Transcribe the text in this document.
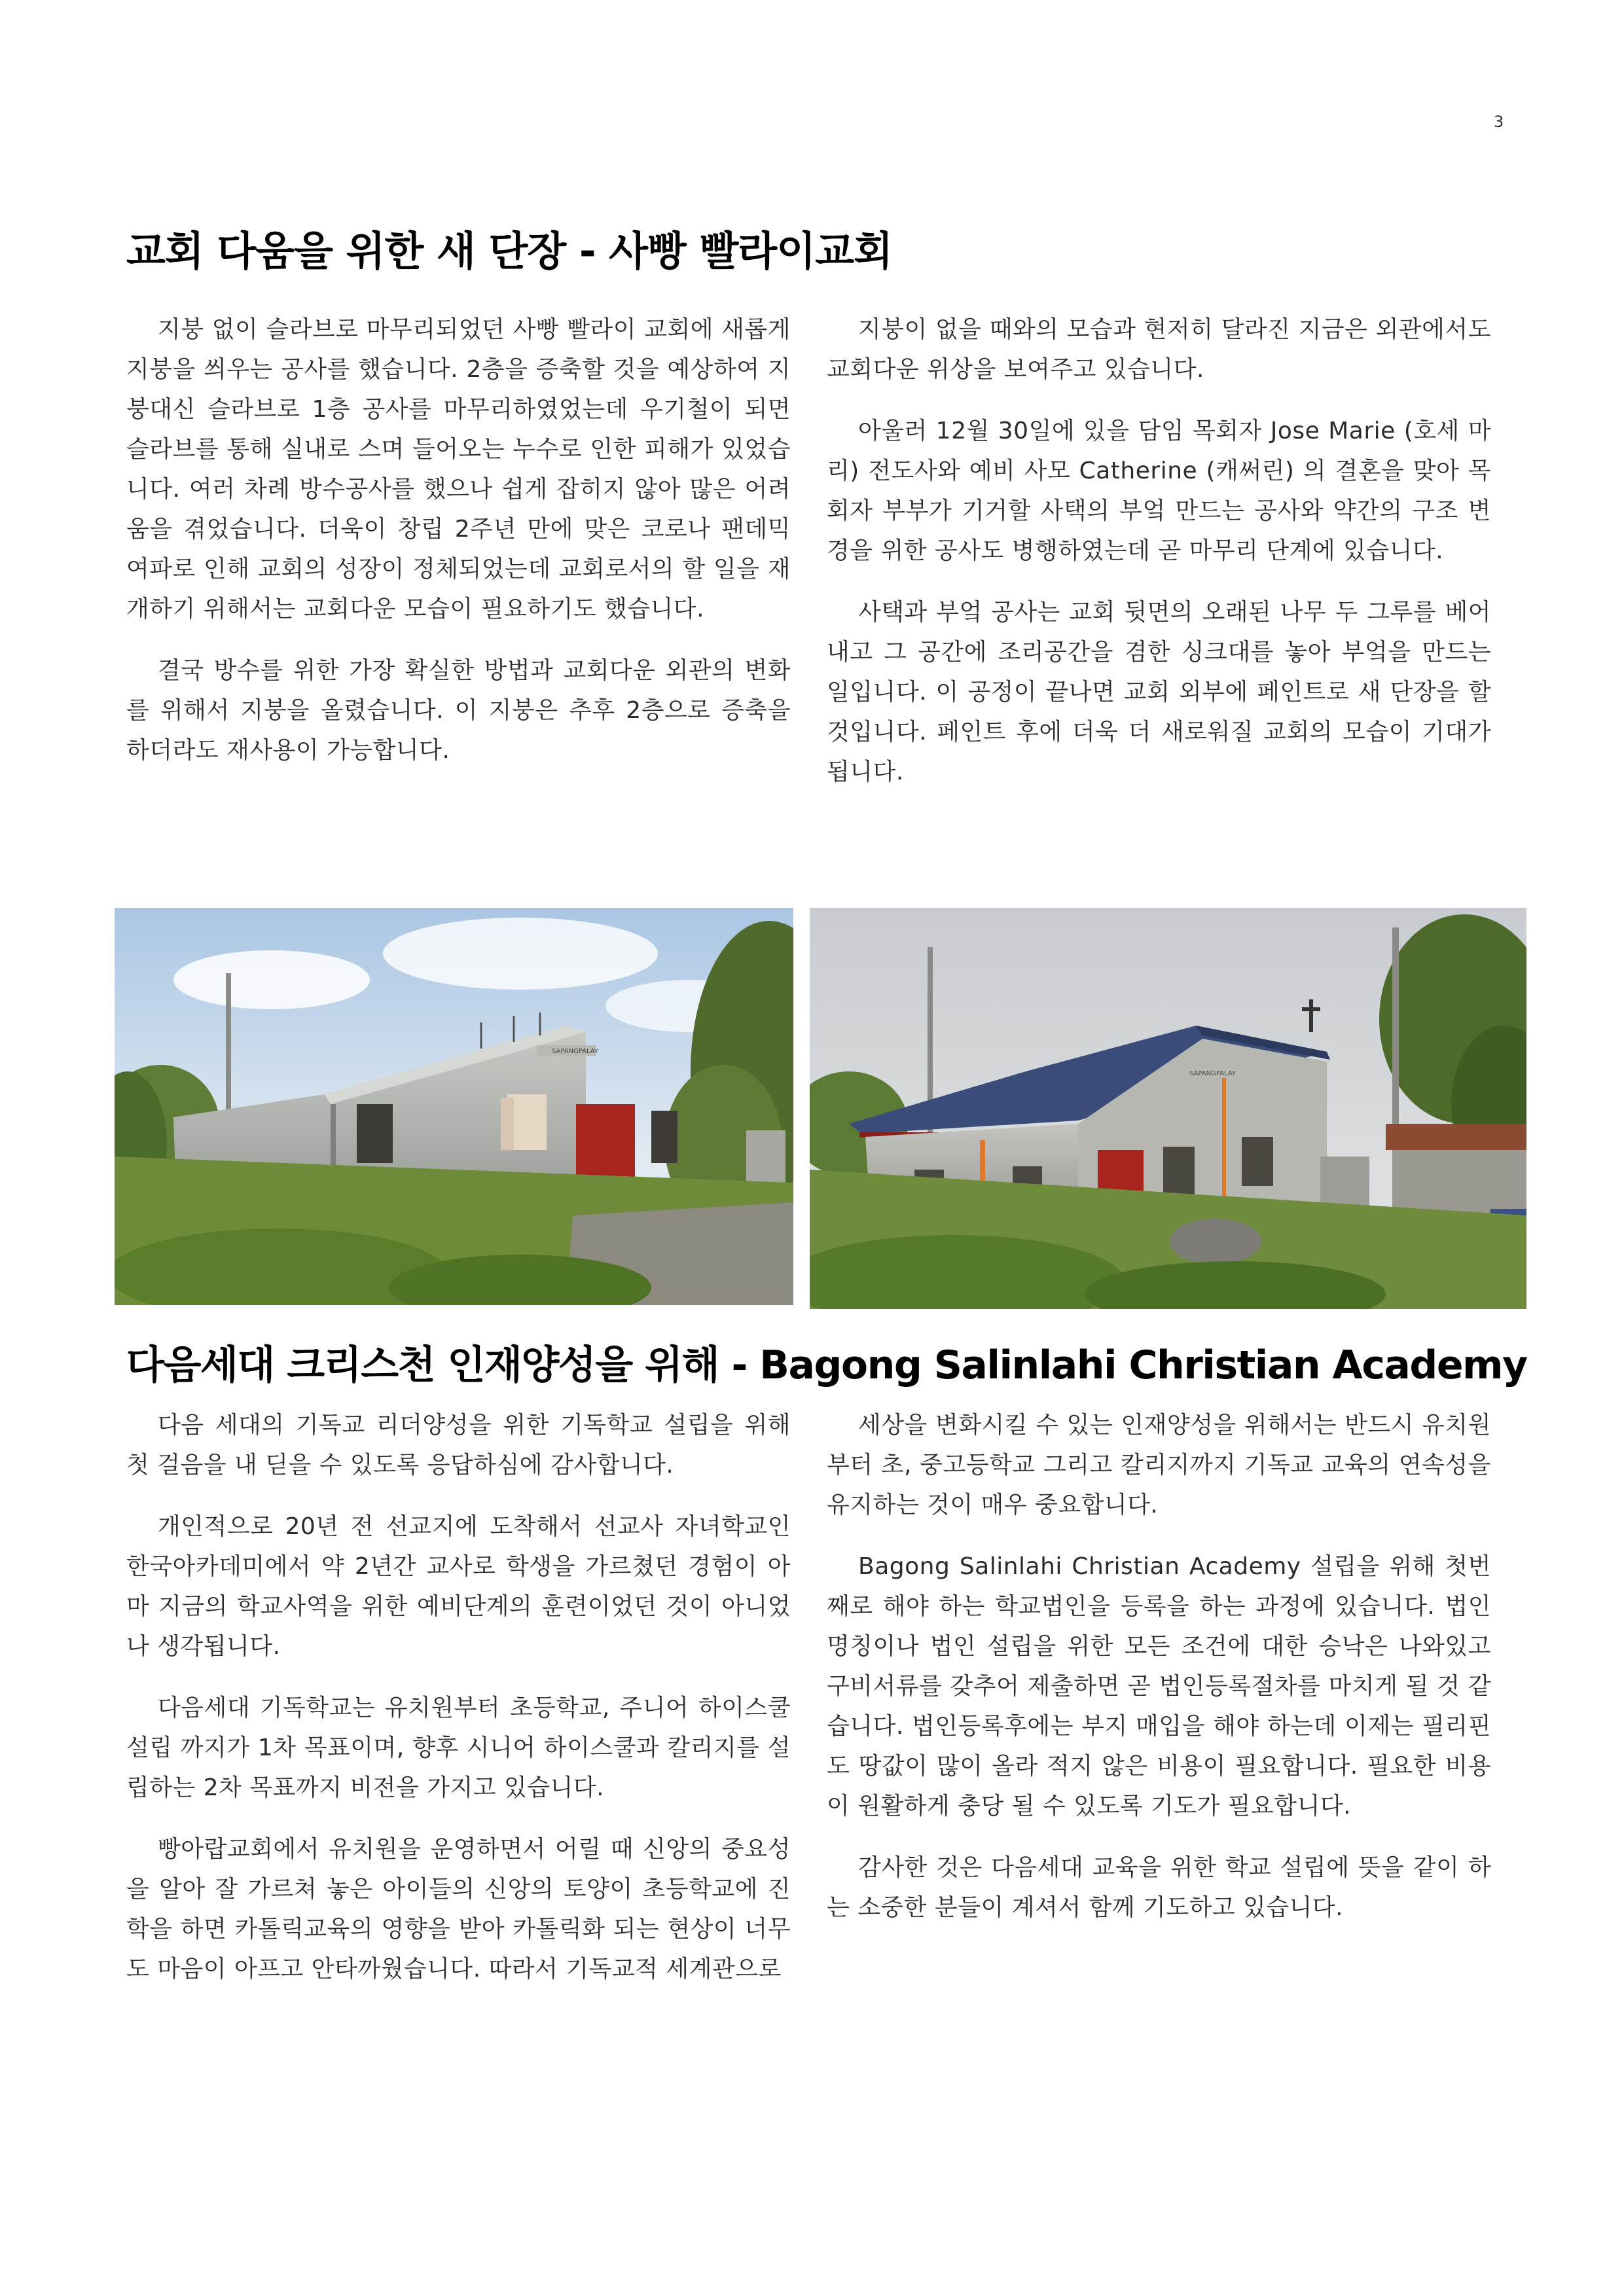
3
교회 다움을 위한 새 단장 - 사빵 빨라이교회

지붕 없이 슬라브로 마무리되었던 사빵 빨라이 교회에 새롭게 지붕을 씌우는 공사를 했습니다. 2층을 증축할 것을 예상하여 지붕대신 슬라브로 1층 공사를 마무리하였었는데 우기철이 되면 슬라브를 통해 실내로 스며 들어오는 누수로 인한 피해가 있었습니다. 여러 차례 방수공사를 했으나 쉽게 잡히지 않아 많은 어려움을 겪었습니다. 더욱이 창립 2주년 만에 맞은 코로나 팬데믹 여파로 인해 교회의 성장이 정체되었는데 교회로서의 할 일을 재개하기 위해서는 교회다운 모습이 필요하기도 했습니다.

결국 방수를 위한 가장 확실한 방법과 교회다운 외관의 변화를 위해서 지붕을 올렸습니다. 이 지붕은 추후 2층으로 증축을 하더라도 재사용이 가능합니다.

지붕이 없을 때와의 모습과 현저히 달라진 지금은 외관에서도 교회다운 위상을 보여주고 있습니다.

아울러 12월 30일에 있을 담임 목회자 Jose Marie (호세 마리) 전도사와 예비 사모 Catherine (캐써린) 의 결혼을 맞아 목회자 부부가 기거할 사택의 부엌 만드는 공사와 약간의 구조 변경을 위한 공사도 병행하였는데 곧 마무리 단계에 있습니다.

사택과 부엌 공사는 교회 뒷면의 오래된 나무 두 그루를 베어내고 그 공간에 조리공간을 겸한 싱크대를 놓아 부엌을 만드는 일입니다. 이 공정이 끝나면 교회 외부에 페인트로 새 단장을 할 것입니다. 페인트 후에 더욱 더 새로워질 교회의 모습이 기대가 됩니다.

SAPANGPALAY
SAPANGPALAY
다음세대 크리스천 인재양성을 위해 - Bagong Salinlahi Christian Academy

다음 세대의 기독교 리더양성을 위한 기독학교 설립을 위해 첫 걸음을 내 딛을 수 있도록 응답하심에 감사합니다.

개인적으로 20년 전 선교지에 도착해서 선교사 자녀학교인 한국아카데미에서 약 2년간 교사로 학생을 가르쳤던 경험이 아마 지금의 학교사역을 위한 예비단계의 훈련이었던 것이 아니었나 생각됩니다.

다음세대 기독학교는 유치원부터 초등학교, 주니어 하이스쿨 설립 까지가 1차 목표이며, 향후 시니어 하이스쿨과 칼리지를 설립하는 2차 목표까지 비전을 가지고 있습니다.

빵아랍교회에서 유치원을 운영하면서 어릴 때 신앙의 중요성을 알아 잘 가르쳐 놓은 아이들의 신앙의 토양이 초등학교에 진학을 하면 카톨릭교육의 영향을 받아 카톨릭화 되는 현상이 너무도 마음이 아프고 안타까웠습니다. 따라서 기독교적 세계관으로

세상을 변화시킬 수 있는 인재양성을 위해서는 반드시 유치원부터 초, 중고등학교 그리고 칼리지까지 기독교 교육의 연속성을 유지하는 것이 매우 중요합니다.

Bagong Salinlahi Christian Academy 설립을 위해 첫번째로 해야 하는 학교법인을 등록을 하는 과정에 있습니다. 법인명칭이나 법인 설립을 위한 모든 조건에 대한 승낙은 나와있고 구비서류를 갖추어 제출하면 곧 법인등록절차를 마치게 될 것 같습니다. 법인등록후에는 부지 매입을 해야 하는데 이제는 필리핀도 땅값이 많이 올라 적지 않은 비용이 필요합니다. 필요한 비용이 원활하게 충당 될 수 있도록 기도가 필요합니다.

감사한 것은 다음세대 교육을 위한 학교 설립에 뜻을 같이 하는 소중한 분들이 계셔서 함께 기도하고 있습니다.
